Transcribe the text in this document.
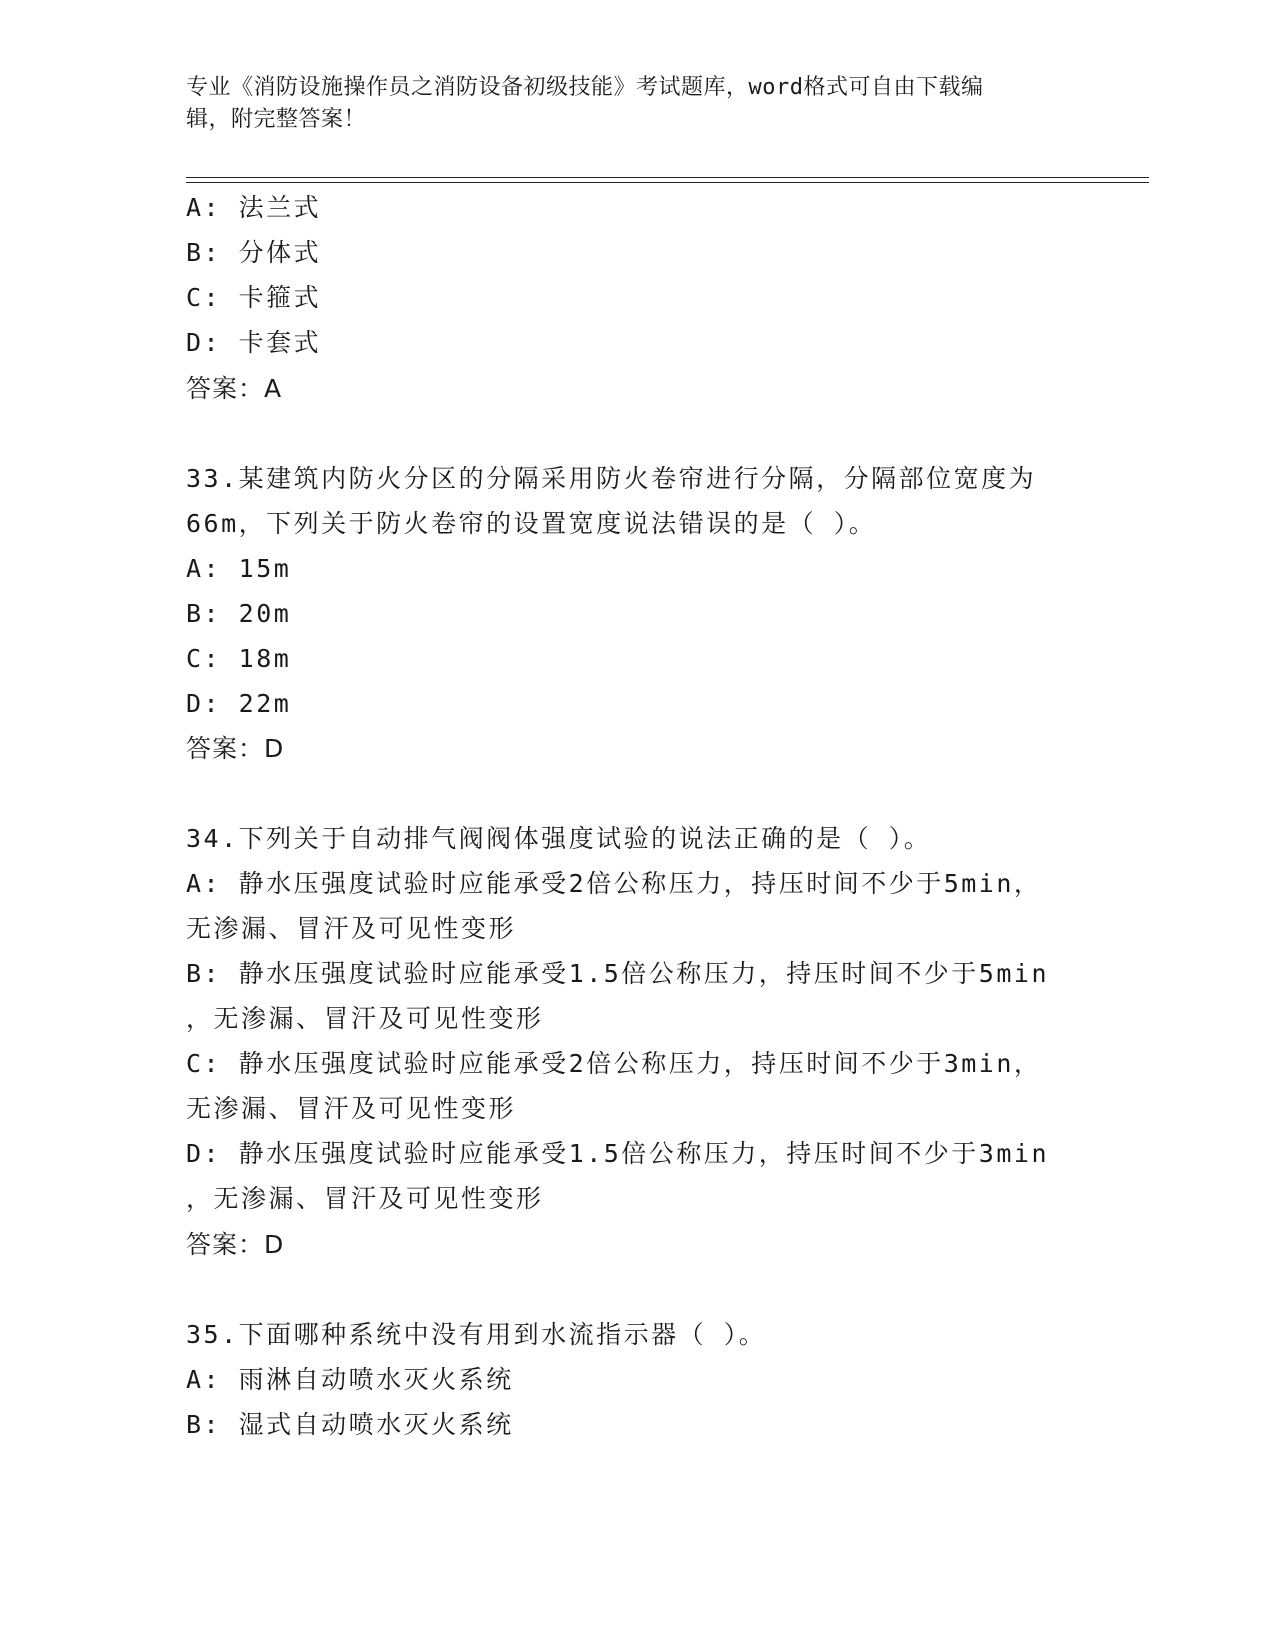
专业《消防设施操作员之消防设备初级技能》考试题库，word格式可自由下载编
辑，附完整答案！
A: 法兰式
B: 分体式
C: 卡箍式
D: 卡套式
答案：A
33.某建筑内防火分区的分隔采用防火卷帘进行分隔，分隔部位宽度为
66m，下列关于防火卷帘的设置宽度说法错误的是（ ）。
A: 15m
B: 20m
C: 18m
D: 22m
答案：D
34.下列关于自动排气阀阀体强度试验的说法正确的是（ ）。
A: 静水压强度试验时应能承受2倍公称压力，持压时间不少于5min，
无渗漏、冒汗及可见性变形
B: 静水压强度试验时应能承受1.5倍公称压力，持压时间不少于5min
，无渗漏、冒汗及可见性变形
C: 静水压强度试验时应能承受2倍公称压力，持压时间不少于3min，
无渗漏、冒汗及可见性变形
D: 静水压强度试验时应能承受1.5倍公称压力，持压时间不少于3min
，无渗漏、冒汗及可见性变形
答案：D
35.下面哪种系统中没有用到水流指示器（ ）。
A: 雨淋自动喷水灭火系统
B: 湿式自动喷水灭火系统
